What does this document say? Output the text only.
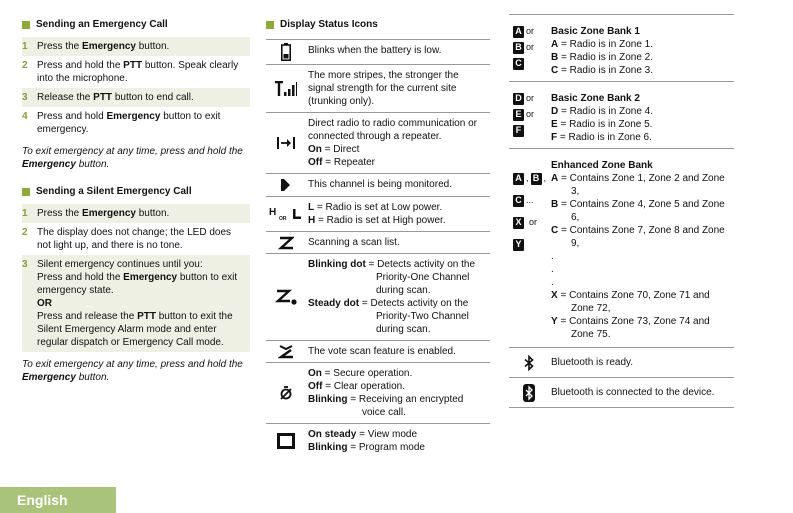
Sending an Emergency Call
1 Press the Emergency button.
2 Press and hold the PTT button. Speak clearly into the microphone.
3 Release the PTT button to end call.
4 Press and hold Emergency button to exit emergency.

To exit emergency at any time, press and hold the Emergency button.

Sending a Silent Emergency Call
1 Press the Emergency button.
2 The display does not change; the LED does not light up, and there is no tone.
3 Silent emergency continues until you:
Press and hold the Emergency button to exit emergency state.
OR
Press and release the PTT button to exit the Silent Emergency Alarm mode and enter regular dispatch or Emergency Call mode.

To exit emergency at any time, press and hold the Emergency button.

Display Status Icons
Blinks when the battery is low.
The more stripes, the stronger the signal strength for the current site (trunking only).
Direct radio to radio communication or connected through a repeater.
On = Direct
Off = Repeater
This channel is being monitored.
H
OR
L = Radio is set at Low power.
H = Radio is set at High power.
Scanning a scan list.
Blinking dot = Detects activity on the
Priority-One Channel
during scan.
Steady dot = Detects activity on the
Priority-Two Channel
during scan.
The vote scan feature is enabled.
On = Secure operation.
Off = Clear operation.
Blinking = Receiving an encrypted
voice call.
On steady = View mode
Blinking = Program mode
A or
B or
C
Basic Zone Bank 1
A = Radio is in Zone 1.
B = Radio is in Zone 2.
C = Radio is in Zone 3.
D or
E or
F
Basic Zone Bank 2
D = Radio is in Zone 4.
E = Radio is in Zone 5.
F = Radio is in Zone 6.
A , B ,
C ...
X or
Y
Enhanced Zone Bank
A = Contains Zone 1, Zone 2 and Zone
3,
B = Contains Zone 4, Zone 5 and Zone
6,
C = Contains Zone 7, Zone 8 and Zone
9,
.
.
.
X = Contains Zone 70, Zone 71 and
Zone 72,
Y = Contains Zone 73, Zone 74 and
Zone 75.
Bluetooth is ready.
Bluetooth is connected to the device.
English
